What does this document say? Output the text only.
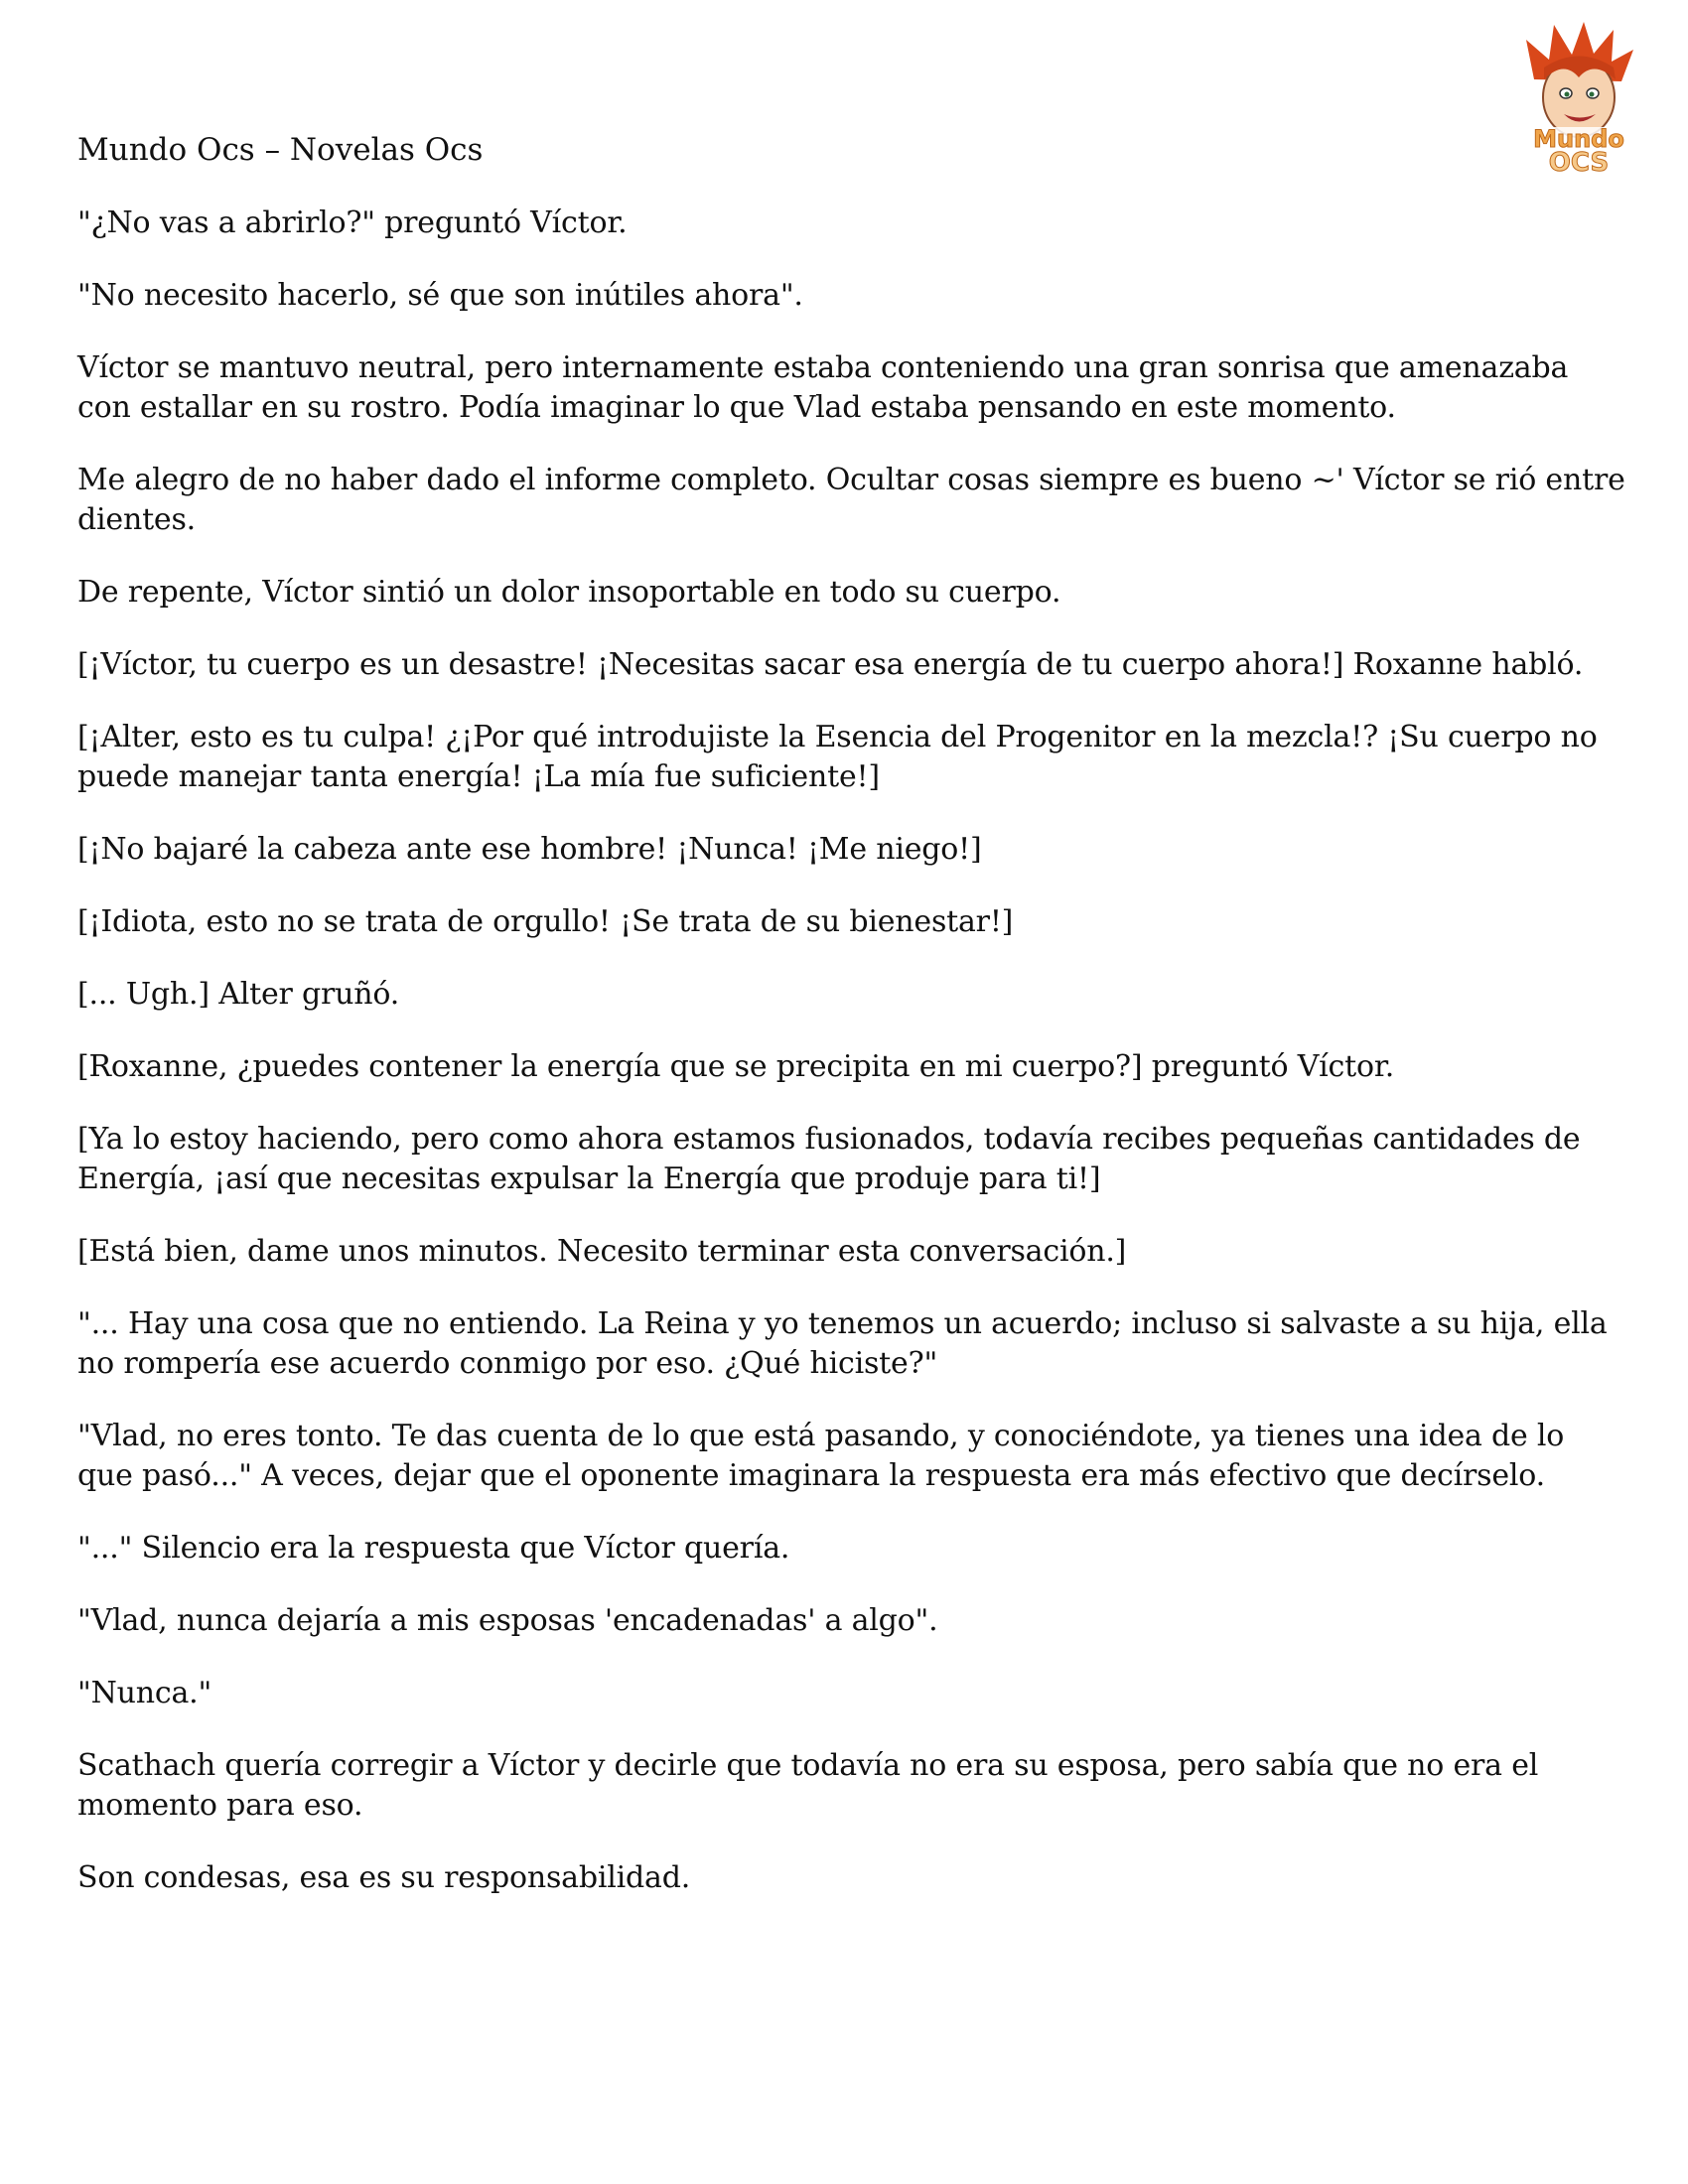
Mundo
OCS
Mundo Ocs – Novelas Ocs

"¿No vas a abrirlo?" preguntó Víctor.

"No necesito hacerlo, sé que son inútiles ahora".

Víctor se mantuvo neutral, pero internamente estaba conteniendo una gran sonrisa que amenazaba con estallar en su rostro. Podía imaginar lo que Vlad estaba pensando en este momento.

Me alegro de no haber dado el informe completo. Ocultar cosas siempre es bueno ~' Víctor se rió entre dientes.

De repente, Víctor sintió un dolor insoportable en todo su cuerpo.

[¡Víctor, tu cuerpo es un desastre! ¡Necesitas sacar esa energía de tu cuerpo ahora!] Roxanne habló.

[¡Alter, esto es tu culpa! ¿¡Por qué introdujiste la Esencia del Progenitor en la mezcla!? ¡Su cuerpo no puede manejar tanta energía! ¡La mía fue suficiente!]

[¡No bajaré la cabeza ante ese hombre! ¡Nunca! ¡Me niego!]

[¡Idiota, esto no se trata de orgullo! ¡Se trata de su bienestar!]

[... Ugh.] Alter gruñó.

[Roxanne, ¿puedes contener la energía que se precipita en mi cuerpo?] preguntó Víctor.

[Ya lo estoy haciendo, pero como ahora estamos fusionados, todavía recibes pequeñas cantidades de Energía, ¡así que necesitas expulsar la Energía que produje para ti!]

[Está bien, dame unos minutos. Necesito terminar esta conversación.]

"... Hay una cosa que no entiendo. La Reina y yo tenemos un acuerdo; incluso si salvaste a su hija, ella no rompería ese acuerdo conmigo por eso. ¿Qué hiciste?"

"Vlad, no eres tonto. Te das cuenta de lo que está pasando, y conociéndote, ya tienes una idea de lo que pasó..." A veces, dejar que el oponente imaginara la respuesta era más efectivo que decírselo.

"..." Silencio era la respuesta que Víctor quería.

"Vlad, nunca dejaría a mis esposas 'encadenadas' a algo".

"Nunca."

Scathach quería corregir a Víctor y decirle que todavía no era su esposa, pero sabía que no era el momento para eso.

Son condesas, esa es su responsabilidad.
